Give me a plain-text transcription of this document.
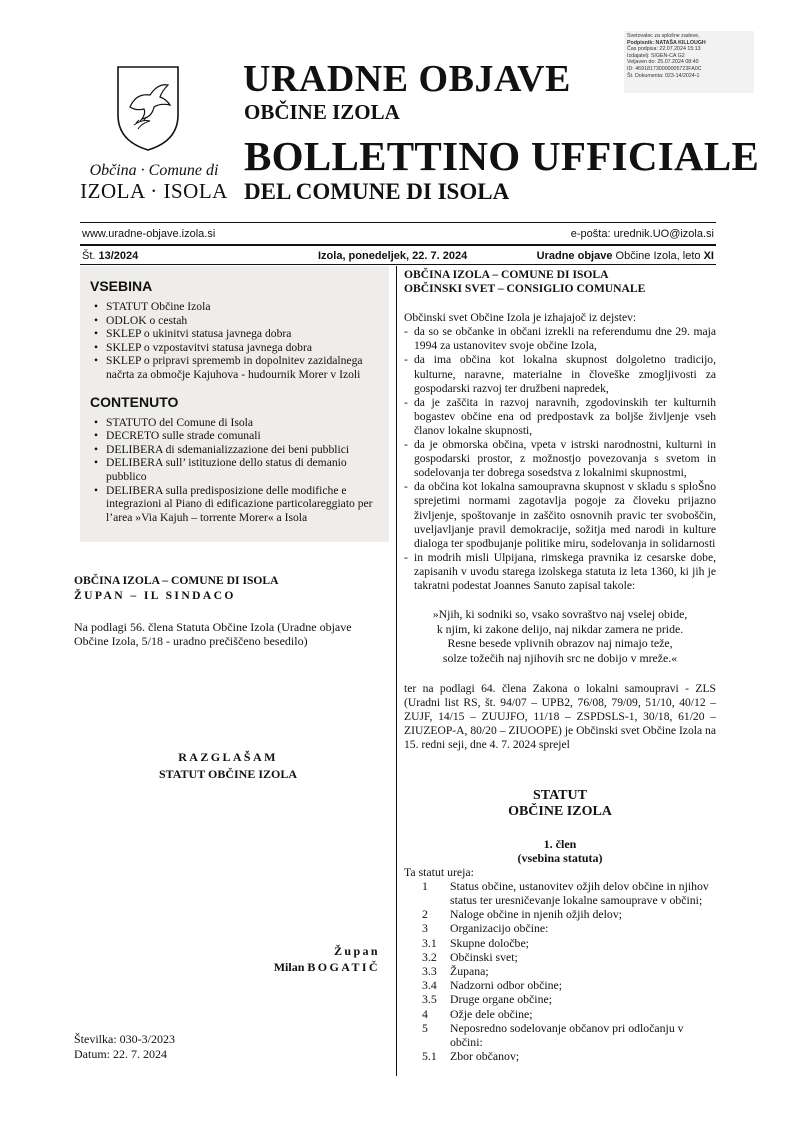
Svetovalec za splošne zadeve,
Podpisnik: NATAŠA KILLOUGH
Čas podpisa: 22.07.2024 15:13
Izdajatelj: SIGEN-CA G2
Veljaven do: 25.07.2024 08:40
ID: 469181730000005723FA0C
Št. Dokumenta: 023-14/2024-1
Občina · Comune di
IZOLA · ISOLA
URADNE OBJAVE
OBČINE IZOLA
BOLLETTINO UFFICIALE
DEL COMUNE DI ISOLA
www.uradne-objave.izola.si	e-pošta: urednik.UO@izola.si
Št. 13/2024	Izola, ponedeljek, 22. 7. 2024	Uradne objave Občine Izola, leto XI
VSEBINA
• STATUT Občine Izola
• ODLOK o cestah
• SKLEP o ukinitvi statusa javnega dobra
• SKLEP o vzpostavitvi statusa javnega dobra
• SKLEP o pripravi sprememb in dopolnitev zazidalnega načrta za območje Kajuhova - hudournik Morer v Izoli
CONTENUTO
• STATUTO del Comune di Isola
• DECRETO sulle strade comunali
• DELIBERA di sdemanializzazione dei beni pubblici
• DELIBERA sull’ istituzione dello status di demanio pubblico
• DELIBERA sulla predisposizione delle modifiche e integrazioni al Piano di edificazione particolareggiato per l’area »Via Kajuh – torrente Morer« a Isola
OBČINA IZOLA – COMUNE DI ISOLA
ŽUPAN – IL SINDACO
Na podlagi 56. člena Statuta Občine Izola (Uradne objave Občine Izola, 5/18 - uradno prečiščeno besedilo)
RAZGLAŠAM
STATUT OBČINE IZOLA
Župan
Milan BOGATIČ
Številka: 030-3/2023
Datum: 22. 7. 2024
OBČINA IZOLA – COMUNE DI ISOLA
OBČINSKI SVET – CONSIGLIO COMUNALE
Občinski svet Občine Izola je izhajajoč iz dejstev:
- da so se občanke in občani izrekli na referendumu dne 29. maja 1994 za ustanovitev svoje občine Izola,
- da ima občina kot lokalna skupnost dolgoletno tradicijo, kulturne, naravne, materialne in človeške zmogljivosti za gospodarski razvoj ter družbeni napredek,
- da je zaščita in razvoj naravnih, zgodovinskih ter kulturnih bogastev občine ena od predpostavk za boljše življenje vseh članov lokalne skupnosti,
- da je obmorska občina, vpeta v istrski narodnostni, kulturni in gospodarski prostor, z možnostjo povezovanja s svetom in sodelovanja ter dobrega sosedstva z lokalnimi skupnostmi,
- da občina kot lokalna samoupravna skupnost v skladu s sploŠno sprejetimi normami zagotavlja pogoje za človeku prijazno življenje, spoštovanje in zaščito osnovnih pravic ter svoboščin, uveljavljanje pravil demokracije, sožitja med narodi in kulture dialoga ter spodbujanje politike miru, sodelovanja in solidarnosti
- in modrih misli Ulpijana, rimskega pravnika iz cesarske dobe, zapisanih v uvodu starega izolskega statuta iz leta 1360, ki jih je takratni podestat Joannes Sanuto zapisal takole:
»Njih, ki sodniki so, vsako sovraštvo naj vselej obide,
k njim, ki zakone delijo, naj nikdar zamera ne pride.
Resne besede vplivnih obrazov naj nimajo teže,
solze tožečih naj njihovih src ne dobijo v mreže.«
ter na podlagi 64. člena Zakona o lokalni samoupravi - ZLS (Uradni list RS, št. 94/07 – UPB2, 76/08, 79/09, 51/10, 40/12 – ZUJF, 14/15 – ZUUJFO, 11/18 – ZSPDSLS-1, 30/18, 61/20 – ZIUZEOP-A, 80/20 – ZIUOOPE) je Občinski svet Občine Izola na 15. redni seji, dne 4. 7. 2024 sprejel
STATUT
OBČINE IZOLA
1. člen
(vsebina statuta)
Ta statut ureja:
1	Status občine, ustanovitev ožjih delov občine in njihov status ter uresničevanje lokalne samouprave v občini;
2	Naloge občine in njenih ožjih delov;
3	Organizacijo občine:
3.1	Skupne določbe;
3.2	Občinski svet;
3.3	Župana;
3.4	Nadzorni odbor občine;
3.5	Druge organe občine;
4	Ožje dele občine;
5	Neposredno sodelovanje občanov pri odločanju v občini:
5.1	Zbor občanov;
